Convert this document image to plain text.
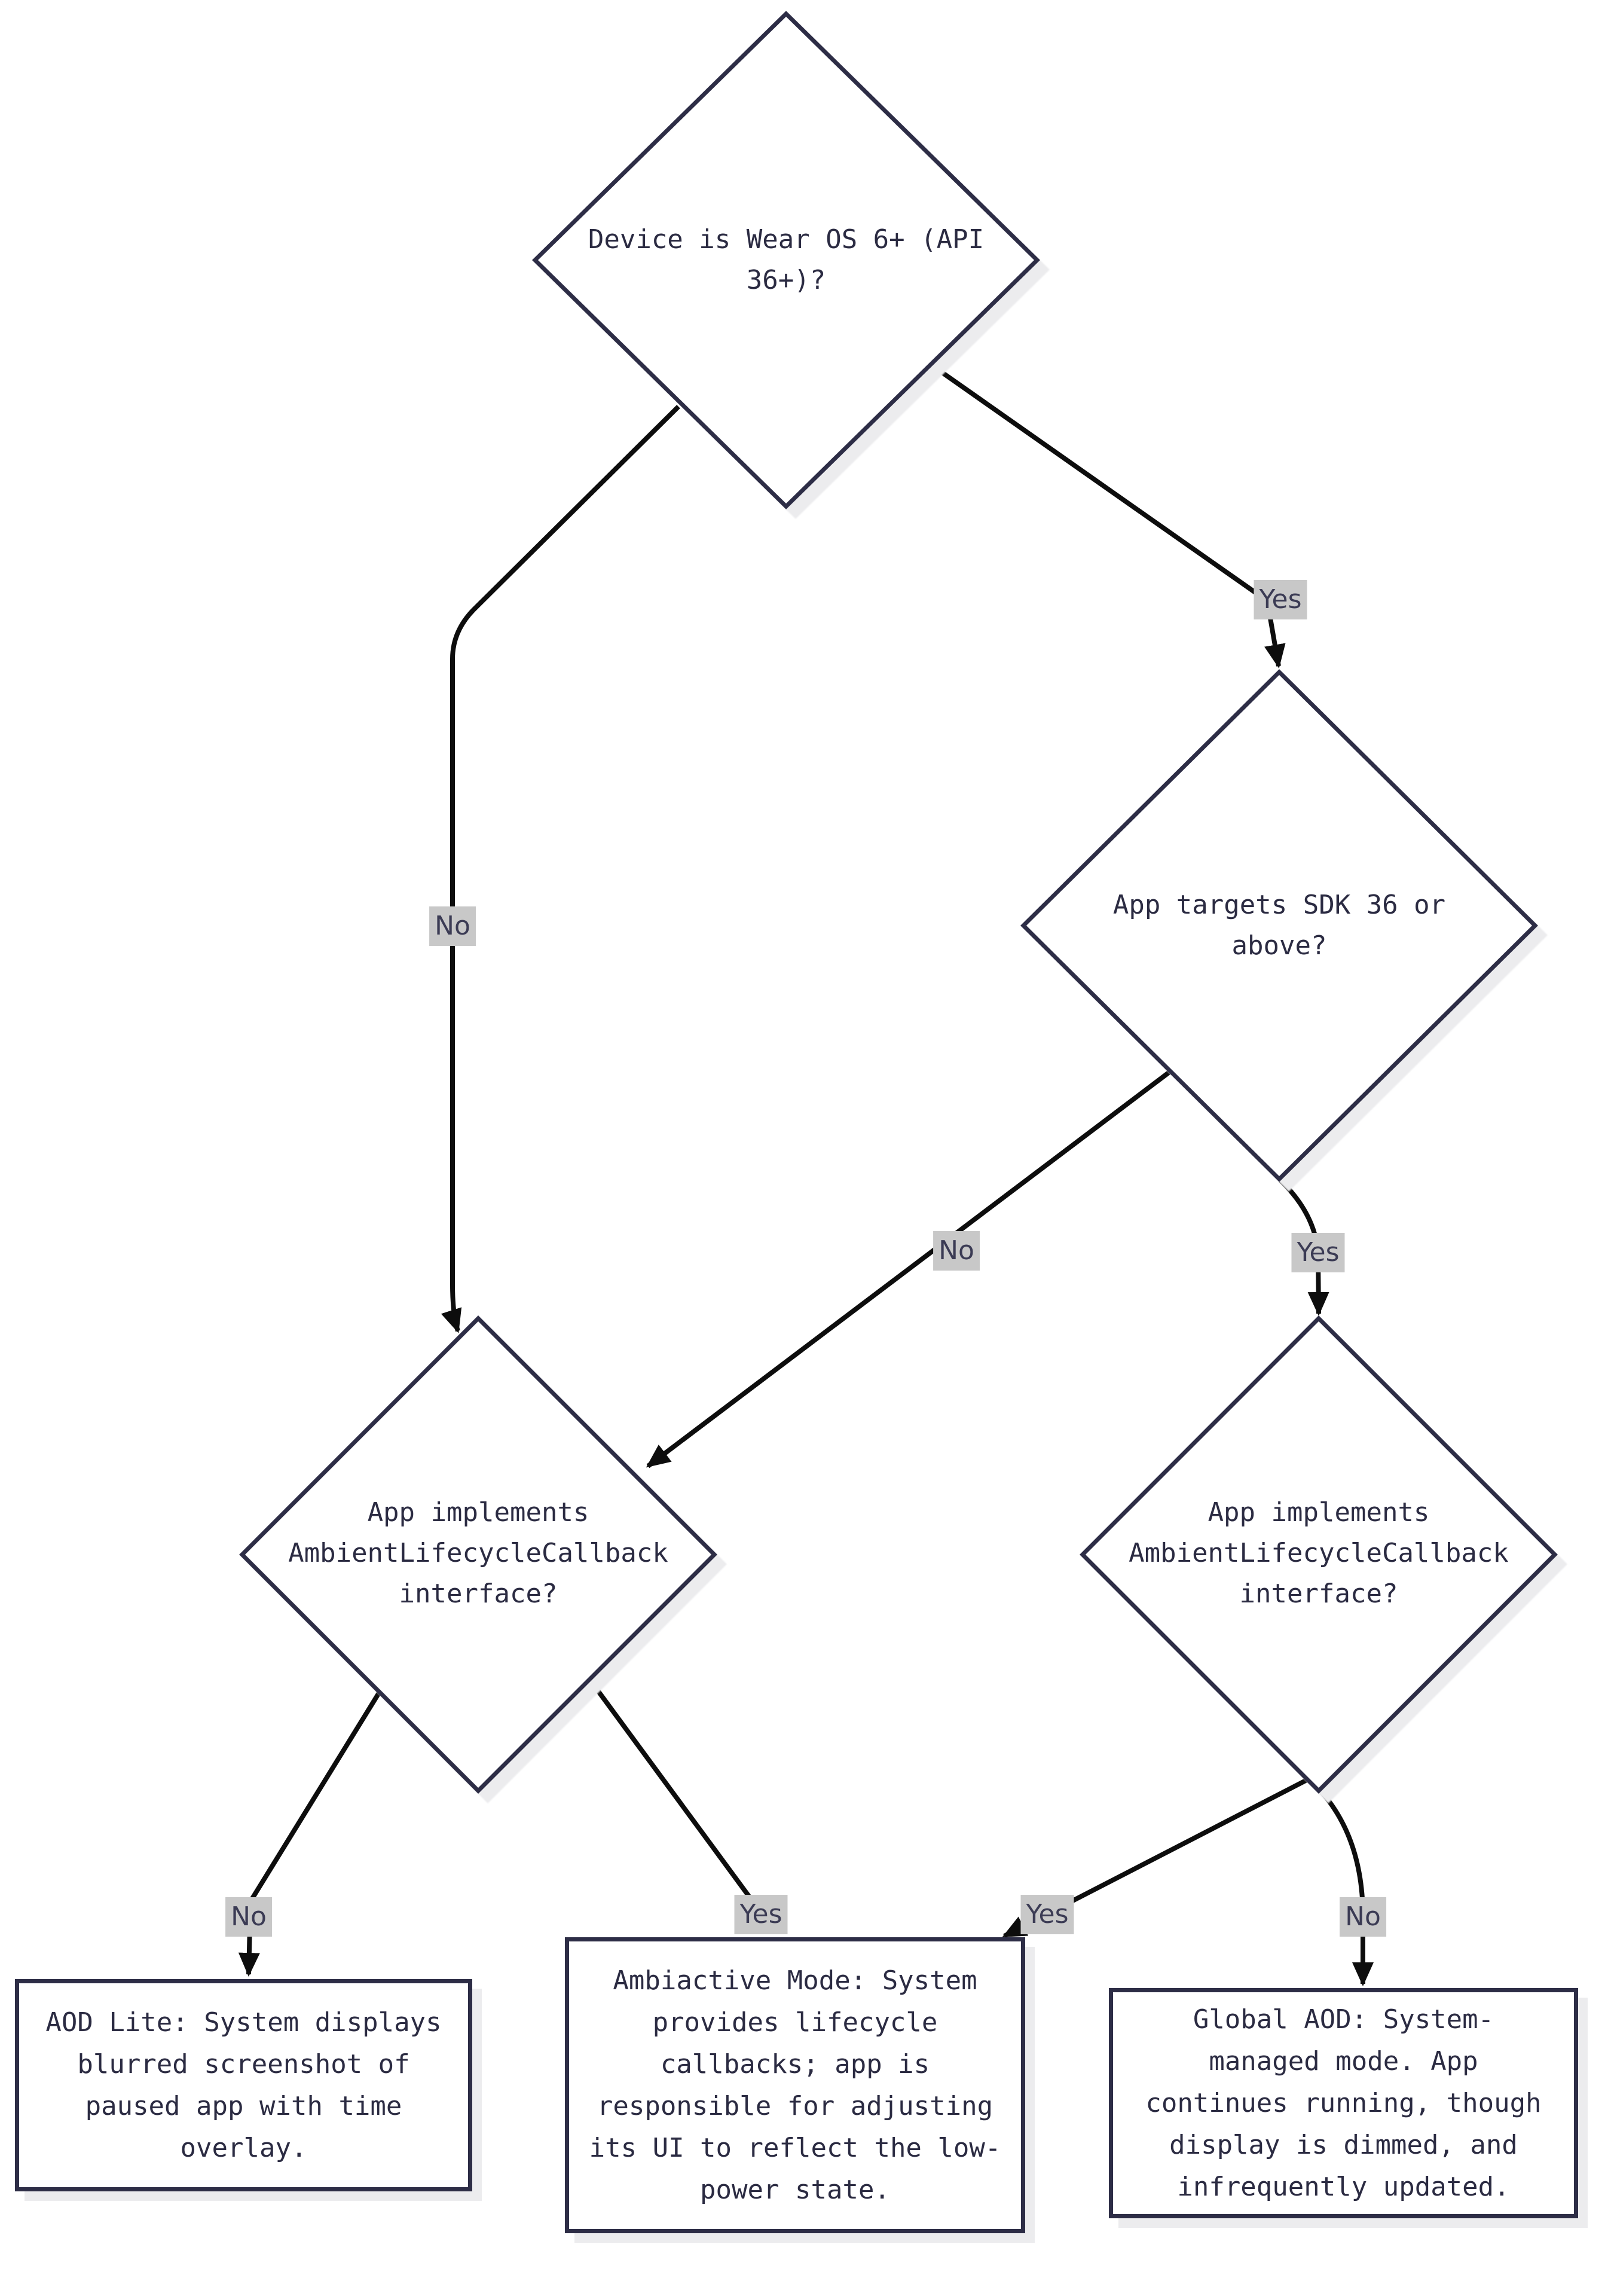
Device is Wear OS 6+ (API
36+)?
App targets SDK 36 or
above?
App implements
AmbientLifecycleCallback
interface?
App implements
AmbientLifecycleCallback
interface?
AOD Lite: System displays
blurred screenshot of
paused app with time
overlay.
Ambiactive Mode: System
provides lifecycle
callbacks; app is
responsible for adjusting
its UI to reflect the low-
power state.
Global AOD: System-
managed mode. App
continues running, though
display is dimmed, and
infrequently updated.
Yes
No
No	Yes
No	Yes	Yes	No
